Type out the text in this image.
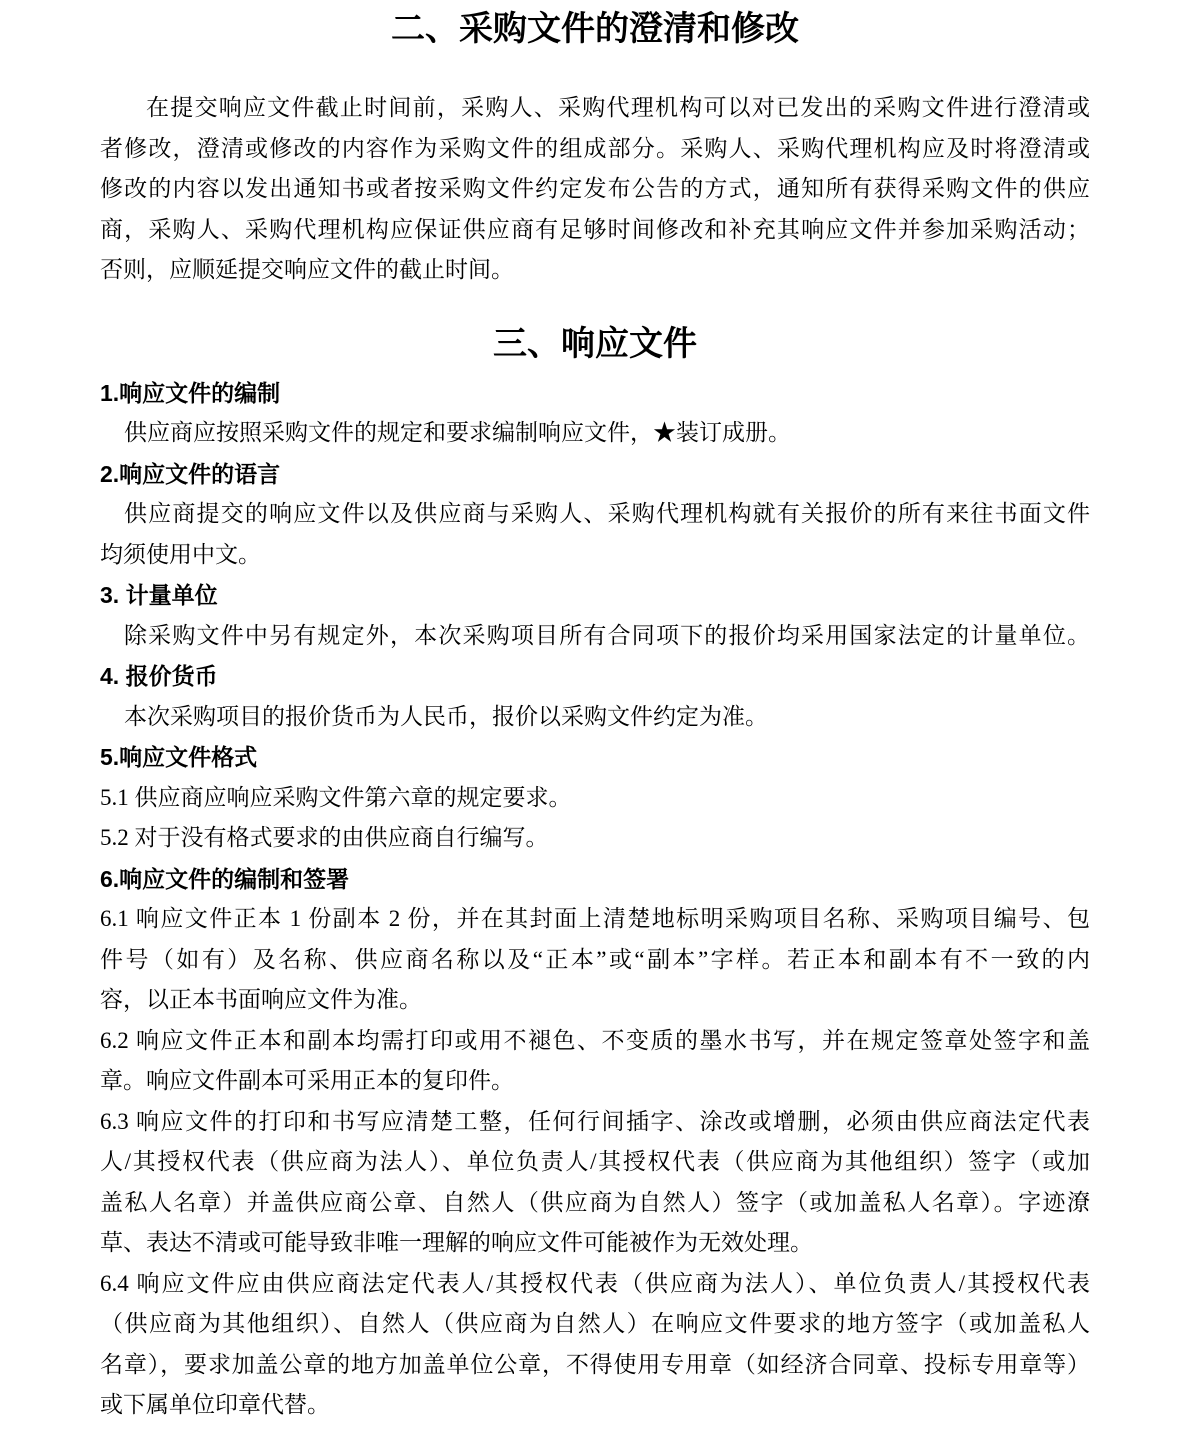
二、采购文件的澄清和修改
在提交响应文件截止时间前，采购人、采购代理机构可以对已发出的采购文件进行澄清或
者修改，澄清或修改的内容作为采购文件的组成部分。采购人、采购代理机构应及时将澄清或
修改的内容以发出通知书或者按采购文件约定发布公告的方式，通知所有获得采购文件的供应
商，采购人、采购代理机构应保证供应商有足够时间修改和补充其响应文件并参加采购活动；
否则，应顺延提交响应文件的截止时间。
三、响应文件
1.响应文件的编制
供应商应按照采购文件的规定和要求编制响应文件，★装订成册。
2.响应文件的语言
供应商提交的响应文件以及供应商与采购人、采购代理机构就有关报价的所有来往书面文件
均须使用中文。
3. 计量单位
除采购文件中另有规定外，本次采购项目所有合同项下的报价均采用国家法定的计量单位。
4. 报价货币
本次采购项目的报价货币为人民币，报价以采购文件约定为准。
5.响应文件格式
5.1 供应商应响应采购文件第六章的规定要求。
5.2 对于没有格式要求的由供应商自行编写。
6.响应文件的编制和签署
6.1 响应文件正本 1 份副本 2 份，并在其封面上清楚地标明采购项目名称、采购项目编号、包
件号（如有）及名称、供应商名称以及“正本”或“副本”字样。若正本和副本有不一致的内
容，以正本书面响应文件为准。
6.2 响应文件正本和副本均需打印或用不褪色、不变质的墨水书写，并在规定签章处签字和盖
章。响应文件副本可采用正本的复印件。
6.3 响应文件的打印和书写应清楚工整，任何行间插字、涂改或增删，必须由供应商法定代表
人/其授权代表（供应商为法人）、单位负责人/其授权代表（供应商为其他组织）签字（或加
盖私人名章）并盖供应商公章、自然人（供应商为自然人）签字（或加盖私人名章）。字迹潦
草、表达不清或可能导致非唯一理解的响应文件可能被作为无效处理。
6.4 响应文件应由供应商法定代表人/其授权代表（供应商为法人）、单位负责人/其授权代表
（供应商为其他组织）、自然人（供应商为自然人）在响应文件要求的地方签字（或加盖私人
名章），要求加盖公章的地方加盖单位公章，不得使用专用章（如经济合同章、投标专用章等）
或下属单位印章代替。
